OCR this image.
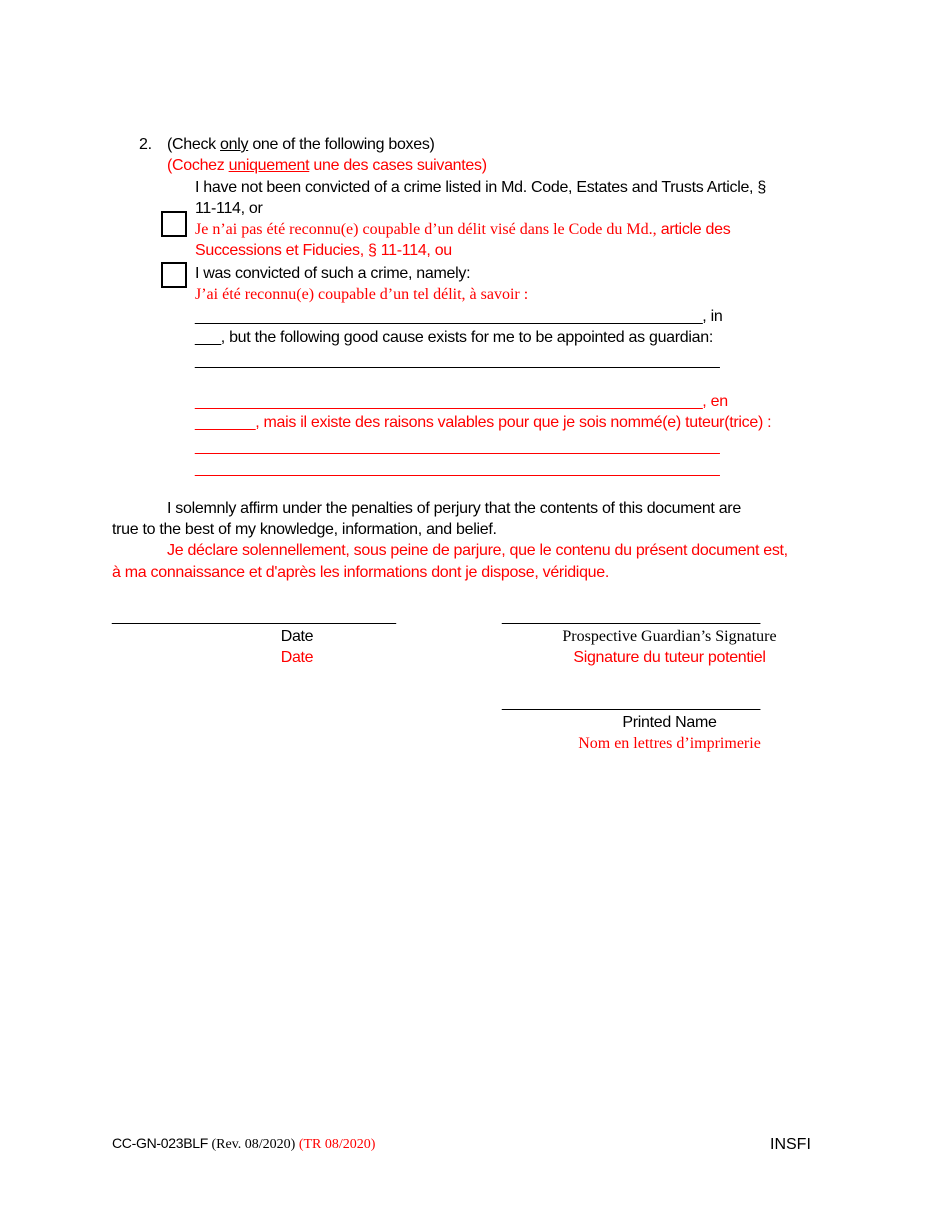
2. (Check only one of the following boxes)
(Cochez uniquement une des cases suivantes)
I have not been convicted of a crime listed in Md. Code, Estates and Trusts Article, §
11-114, or
Je n’ai pas été reconnu(e) coupable d’un délit visé dans le Code du Md., article des
Successions et Fiducies, § 11-114, ou
I was convicted of such a crime, namely:
J’ai été reconnu(e) coupable d’un tel délit, à savoir :
___________________________________________________________, in
___, but the following good cause exists for me to be appointed as guardian:
_____________________________________________________________
___________________________________________________________, en
_______, mais il existe des raisons valables pour que je sois nommé(e) tuteur(trice) :
_____________________________________________________________
_____________________________________________________________
I solemnly affirm under the penalties of perjury that the contents of this document are
true to the best of my knowledge, information, and belief.
Je déclare solennellement, sous peine de parjure, que le contenu du présent document est,
à ma connaissance et d'après les informations dont je dispose, véridique.
_________________________________
Date
Date
______________________________
Prospective Guardian’s Signature
Signature du tuteur potentiel
______________________________
Printed Name
Nom en lettres d’imprimerie
CC-GN-023BLF (Rev. 08/2020) (TR 08/2020)	INSFI
